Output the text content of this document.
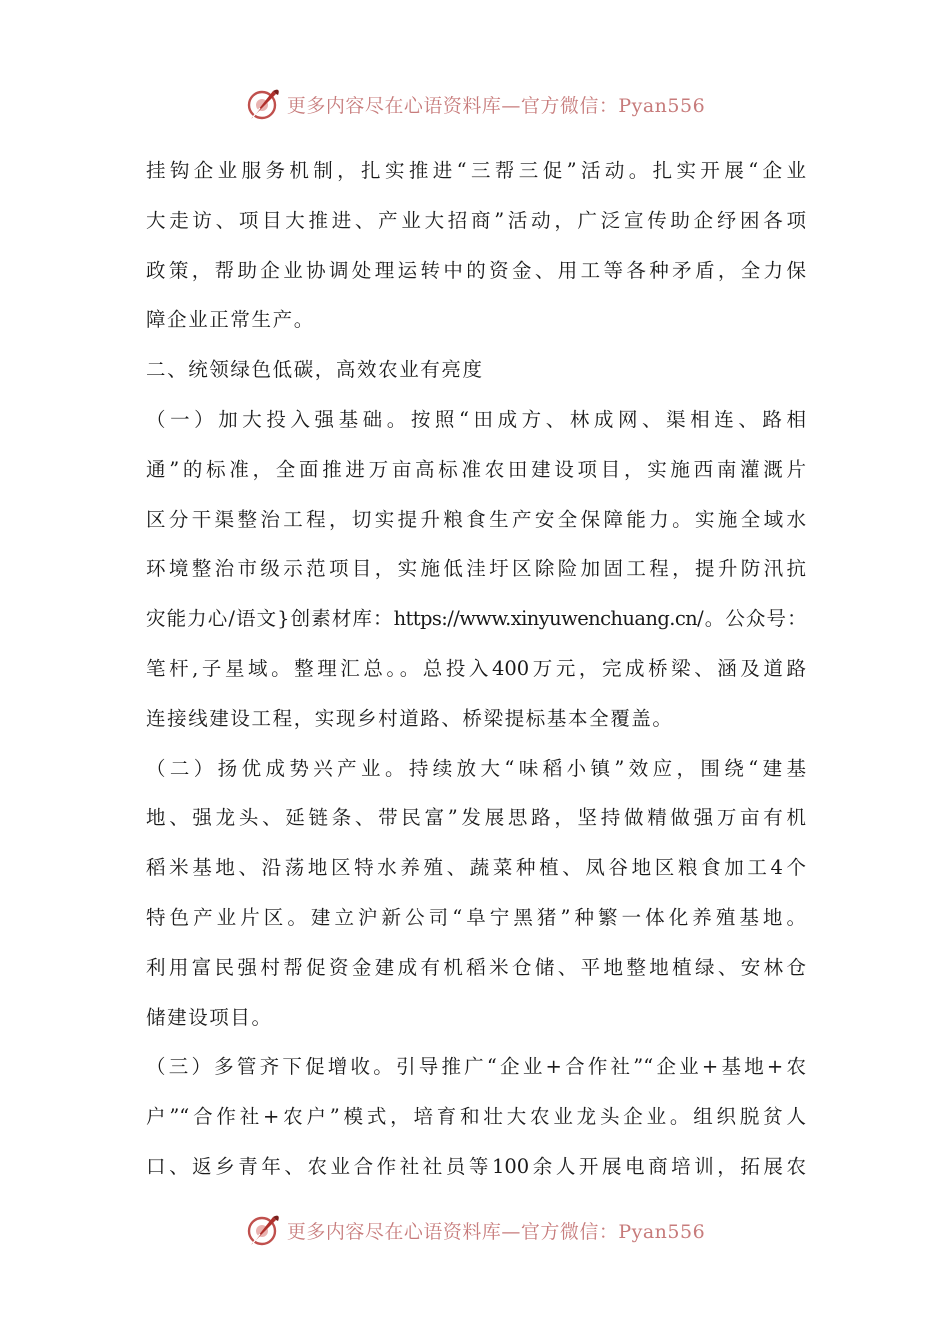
更多内容尽在心语资料库—官方微信：Pyan556
挂钩企业服务机制，扎实推进“三帮三促”活动。扎实开展“企业
大走访、项目大推进、产业大招商”活动，广泛宣传助企纾困各项
政策，帮助企业协调处理运转中的资金、用工等各种矛盾，全力保
障企业正常生产。
二、统领绿色低碳，高效农业有亮度
（一）加大投入强基础。按照“田成方、林成网、渠相连、路相
通”的标准，全面推进万亩高标准农田建设项目，实施西南灌溉片
区分干渠整治工程，切实提升粮食生产安全保障能力。实施全域水
环境整治市级示范项目，实施低洼圩区除险加固工程，提升防汛抗
灾能力心/语文}创素材库：https://www.xinyuwenchuang.cn/。公众号：
笔杆,子星域。整理汇总。。总投入400万元，完成桥梁、涵及道路
连接线建设工程，实现乡村道路、桥梁提标基本全覆盖。
（二）扬优成势兴产业。持续放大“味稻小镇”效应，围绕“建基
地、强龙头、延链条、带民富”发展思路，坚持做精做强万亩有机
稻米基地、沿荡地区特水养殖、蔬菜种植、凤谷地区粮食加工4个
特色产业片区。建立沪新公司“阜宁黑猪”种繁一体化养殖基地。
利用富民强村帮促资金建成有机稻米仓储、平地整地植绿、安林仓
储建设项目。
（三）多管齐下促增收。引导推广“企业+合作社”“企业+基地+农
户”“合作社+农户”模式，培育和壮大农业龙头企业。组织脱贫人
口、返乡青年、农业合作社社员等100余人开展电商培训，拓展农
更多内容尽在心语资料库—官方微信：Pyan556
